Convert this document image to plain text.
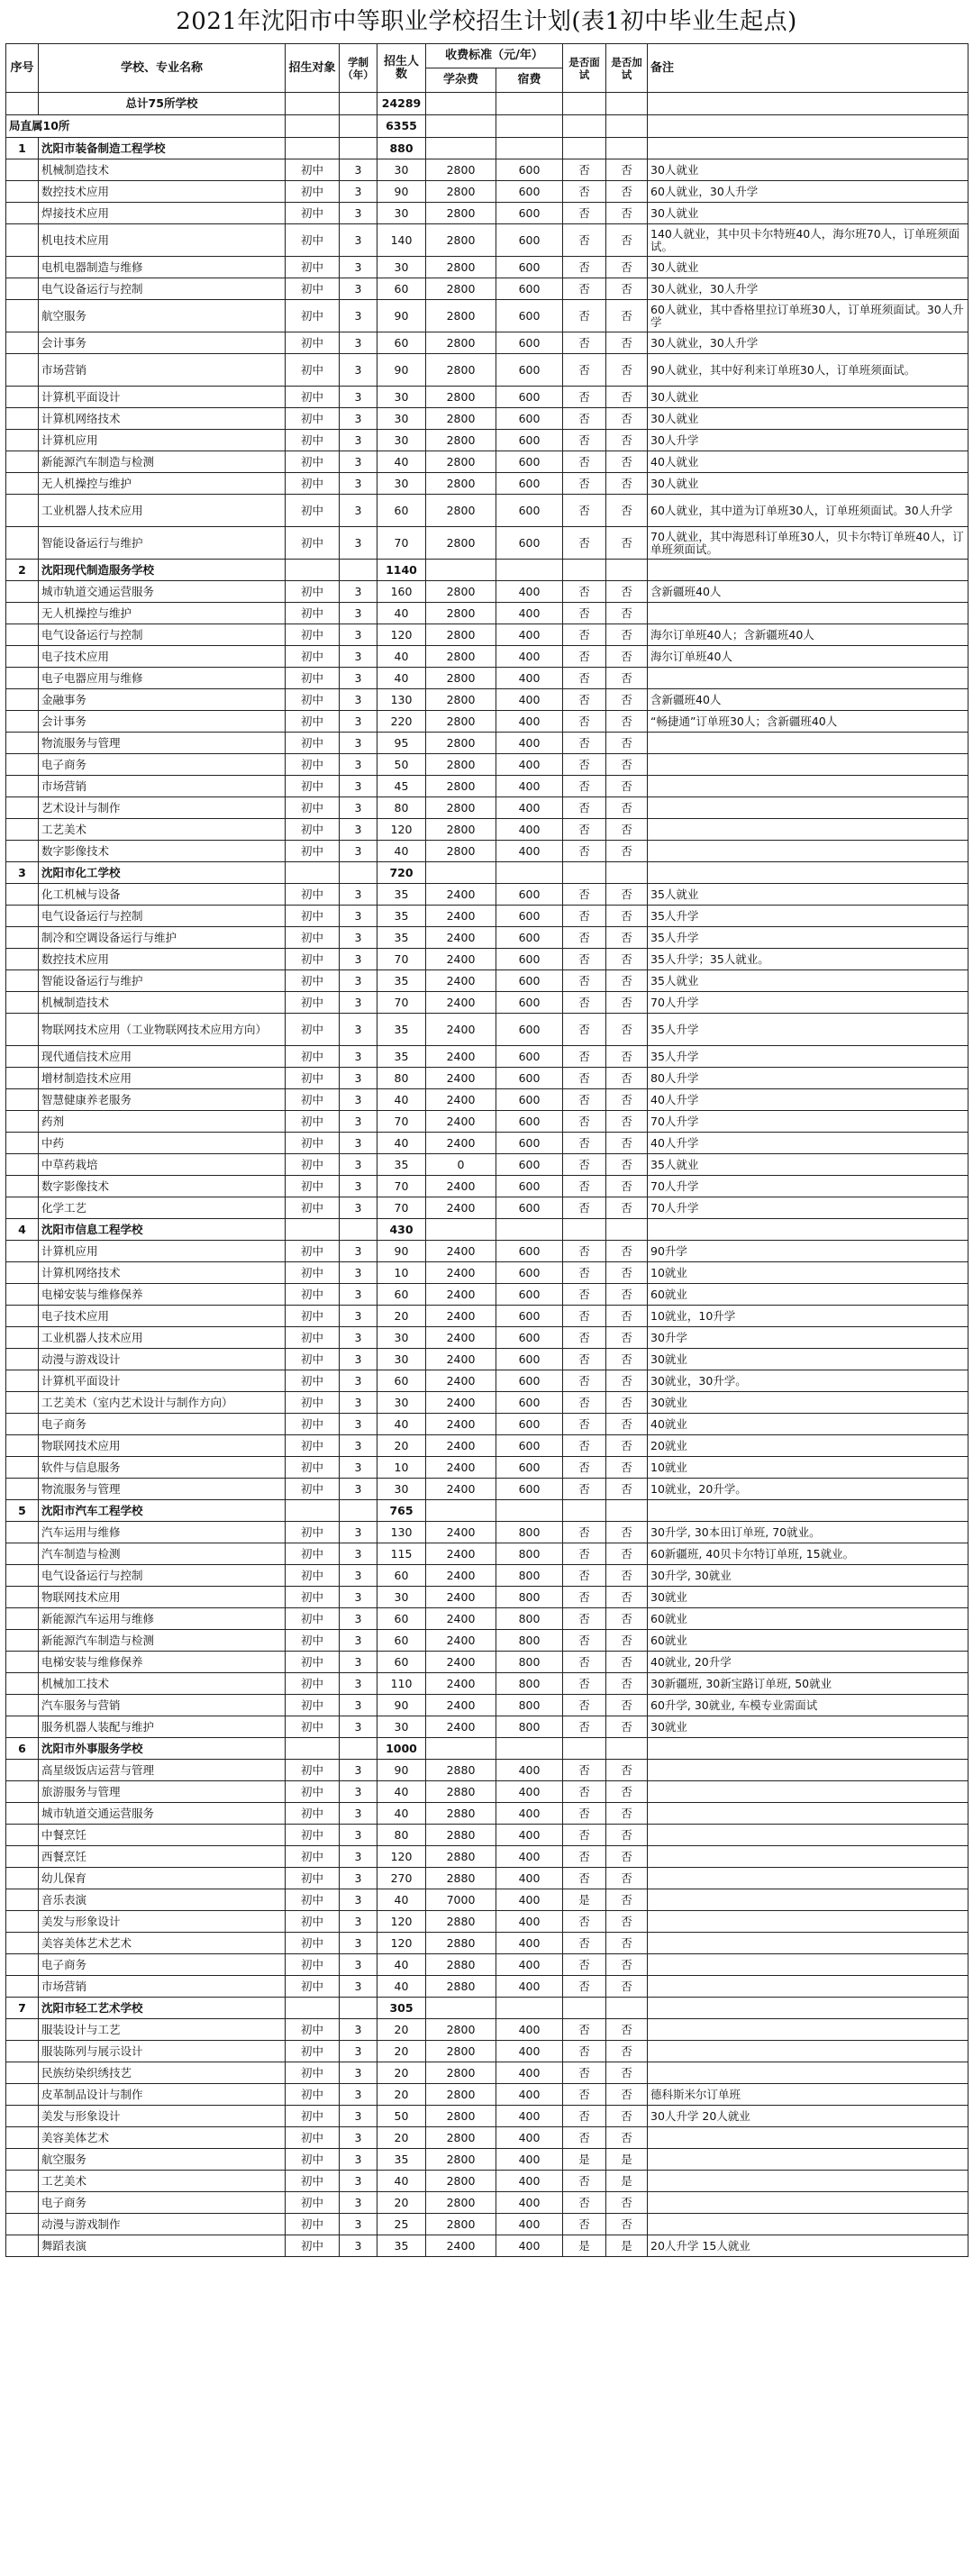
2021年沈阳市中等职业学校招生计划(表1初中毕业生起点)
序号	学校、专业名称	招生对象	学制（年）	招生人数	收费标准（元/年）		是否面试	是否加试	备注
					学杂费	宿费			
	总计75所学校			24289					
局直属10所				6355					
1	沈阳市装备制造工程学校			880					
	机械制造技术	初中	3	30	2800	600	否	否	30人就业
	数控技术应用	初中	3	90	2800	600	否	否	60人就业，30人升学
	焊接技术应用	初中	3	30	2800	600	否	否	30人就业
	机电技术应用	初中	3	140	2800	600	否	否	140人就业，其中贝卡尔特班40人，海尔班70人，订单班须面试。
	电机电器制造与维修	初中	3	30	2800	600	否	否	30人就业
	电气设备运行与控制	初中	3	60	2800	600	否	否	30人就业，30人升学
	航空服务	初中	3	90	2800	600	否	否	60人就业，其中香格里拉订单班30人，订单班须面试。30人升学
	会计事务	初中	3	60	2800	600	否	否	30人就业，30人升学
	市场营销	初中	3	90	2800	600	否	否	90人就业，其中好利来订单班30人，订单班须面试。
	计算机平面设计	初中	3	30	2800	600	否	否	30人就业
	计算机网络技术	初中	3	30	2800	600	否	否	30人就业
	计算机应用	初中	3	30	2800	600	否	否	30人升学
	新能源汽车制造与检测	初中	3	40	2800	600	否	否	40人就业
	无人机操控与维护	初中	3	30	2800	600	否	否	30人就业
	工业机器人技术应用	初中	3	60	2800	600	否	否	60人就业，其中道为订单班30人，订单班须面试。30人升学
	智能设备运行与维护	初中	3	70	2800	600	否	否	70人就业，其中海恩科订单班30人，贝卡尔特订单班40人，订单班须面试。
2	沈阳现代制造服务学校			1140					
	城市轨道交通运营服务	初中	3	160	2800	400	否	否	含新疆班40人
	无人机操控与维护	初中	3	40	2800	400	否	否	
	电气设备运行与控制	初中	3	120	2800	400	否	否	海尔订单班40人；含新疆班40人
	电子技术应用	初中	3	40	2800	400	否	否	海尔订单班40人
	电子电器应用与维修	初中	3	40	2800	400	否	否	
	金融事务	初中	3	130	2800	400	否	否	含新疆班40人
	会计事务	初中	3	220	2800	400	否	否	“畅捷通”订单班30人；含新疆班40人
	物流服务与管理	初中	3	95	2800	400	否	否	
	电子商务	初中	3	50	2800	400	否	否	
	市场营销	初中	3	45	2800	400	否	否	
	艺术设计与制作	初中	3	80	2800	400	否	否	
	工艺美术	初中	3	120	2800	400	否	否	
	数字影像技术	初中	3	40	2800	400	否	否	
3	沈阳市化工学校			720					
	化工机械与设备	初中	3	35	2400	600	否	否	35人就业
	电气设备运行与控制	初中	3	35	2400	600	否	否	35人升学
	制冷和空调设备运行与维护	初中	3	35	2400	600	否	否	35人升学
	数控技术应用	初中	3	70	2400	600	否	否	35人升学；35人就业。
	智能设备运行与维护	初中	3	35	2400	600	否	否	35人就业
	机械制造技术	初中	3	70	2400	600	否	否	70人升学
	物联网技术应用（工业物联网技术应用方向）	初中	3	35	2400	600	否	否	35人升学
	现代通信技术应用	初中	3	35	2400	600	否	否	35人升学
	增材制造技术应用	初中	3	80	2400	600	否	否	80人升学
	智慧健康养老服务	初中	3	40	2400	600	否	否	40人升学
	药剂	初中	3	70	2400	600	否	否	70人升学
	中药	初中	3	40	2400	600	否	否	40人升学
	中草药栽培	初中	3	35	0	600	否	否	35人就业
	数字影像技术	初中	3	70	2400	600	否	否	70人升学
	化学工艺	初中	3	70	2400	600	否	否	70人升学
4	沈阳市信息工程学校			430					
	计算机应用	初中	3	90	2400	600	否	否	90升学
	计算机网络技术	初中	3	10	2400	600	否	否	10就业
	电梯安装与维修保养	初中	3	60	2400	600	否	否	60就业
	电子技术应用	初中	3	20	2400	600	否	否	10就业，10升学
	工业机器人技术应用	初中	3	30	2400	600	否	否	30升学
	动漫与游戏设计	初中	3	30	2400	600	否	否	30就业
	计算机平面设计	初中	3	60	2400	600	否	否	30就业，30升学。
	工艺美术（室内艺术设计与制作方向）	初中	3	30	2400	600	否	否	30就业
	电子商务	初中	3	40	2400	600	否	否	40就业
	物联网技术应用	初中	3	20	2400	600	否	否	20就业
	软件与信息服务	初中	3	10	2400	600	否	否	10就业
	物流服务与管理	初中	3	30	2400	600	否	否	10就业，20升学。
5	沈阳市汽车工程学校			765					
	汽车运用与维修	初中	3	130	2400	800	否	否	30升学, 30本田订单班, 70就业。
	汽车制造与检测	初中	3	115	2400	800	否	否	60新疆班, 40贝卡尔特订单班, 15就业。
	电气设备运行与控制	初中	3	60	2400	800	否	否	30升学, 30就业
	物联网技术应用	初中	3	30	2400	800	否	否	30就业
	新能源汽车运用与维修	初中	3	60	2400	800	否	否	60就业
	新能源汽车制造与检测	初中	3	60	2400	800	否	否	60就业
	电梯安装与维修保养	初中	3	60	2400	800	否	否	40就业, 20升学
	机械加工技术	初中	3	110	2400	800	否	否	30新疆班, 30新宝路订单班, 50就业
	汽车服务与营销	初中	3	90	2400	800	否	否	60升学, 30就业, 车模专业需面试
	服务机器人装配与维护	初中	3	30	2400	800	否	否	30就业
6	沈阳市外事服务学校			1000					
	高星级饭店运营与管理	初中	3	90	2880	400	否	否	
	旅游服务与管理	初中	3	40	2880	400	否	否	
	城市轨道交通运营服务	初中	3	40	2880	400	否	否	
	中餐烹饪	初中	3	80	2880	400	否	否	
	西餐烹饪	初中	3	120	2880	400	否	否	
	幼儿保育	初中	3	270	2880	400	否	否	
	音乐表演	初中	3	40	7000	400	是	否	
	美发与形象设计	初中	3	120	2880	400	否	否	
	美容美体艺术艺术	初中	3	120	2880	400	否	否	
	电子商务	初中	3	40	2880	400	否	否	
	市场营销	初中	3	40	2880	400	否	否	
7	沈阳市轻工艺术学校			305					
	服装设计与工艺	初中	3	20	2800	400	否	否	
	服装陈列与展示设计	初中	3	20	2800	400	否	否	
	民族纺染织绣技艺	初中	3	20	2800	400	否	否	
	皮革制品设计与制作	初中	3	20	2800	400	否	否	德科斯米尔订单班
	美发与形象设计	初中	3	50	2800	400	否	否	30人升学 20人就业
	美容美体艺术	初中	3	20	2800	400	否	否	
	航空服务	初中	3	35	2800	400	是	是	
	工艺美术	初中	3	40	2800	400	否	是	
	电子商务	初中	3	20	2800	400	否	否	
	动漫与游戏制作	初中	3	25	2800	400	否	否	
	舞蹈表演	初中	3	35	2400	400	是	是	20人升学 15人就业
